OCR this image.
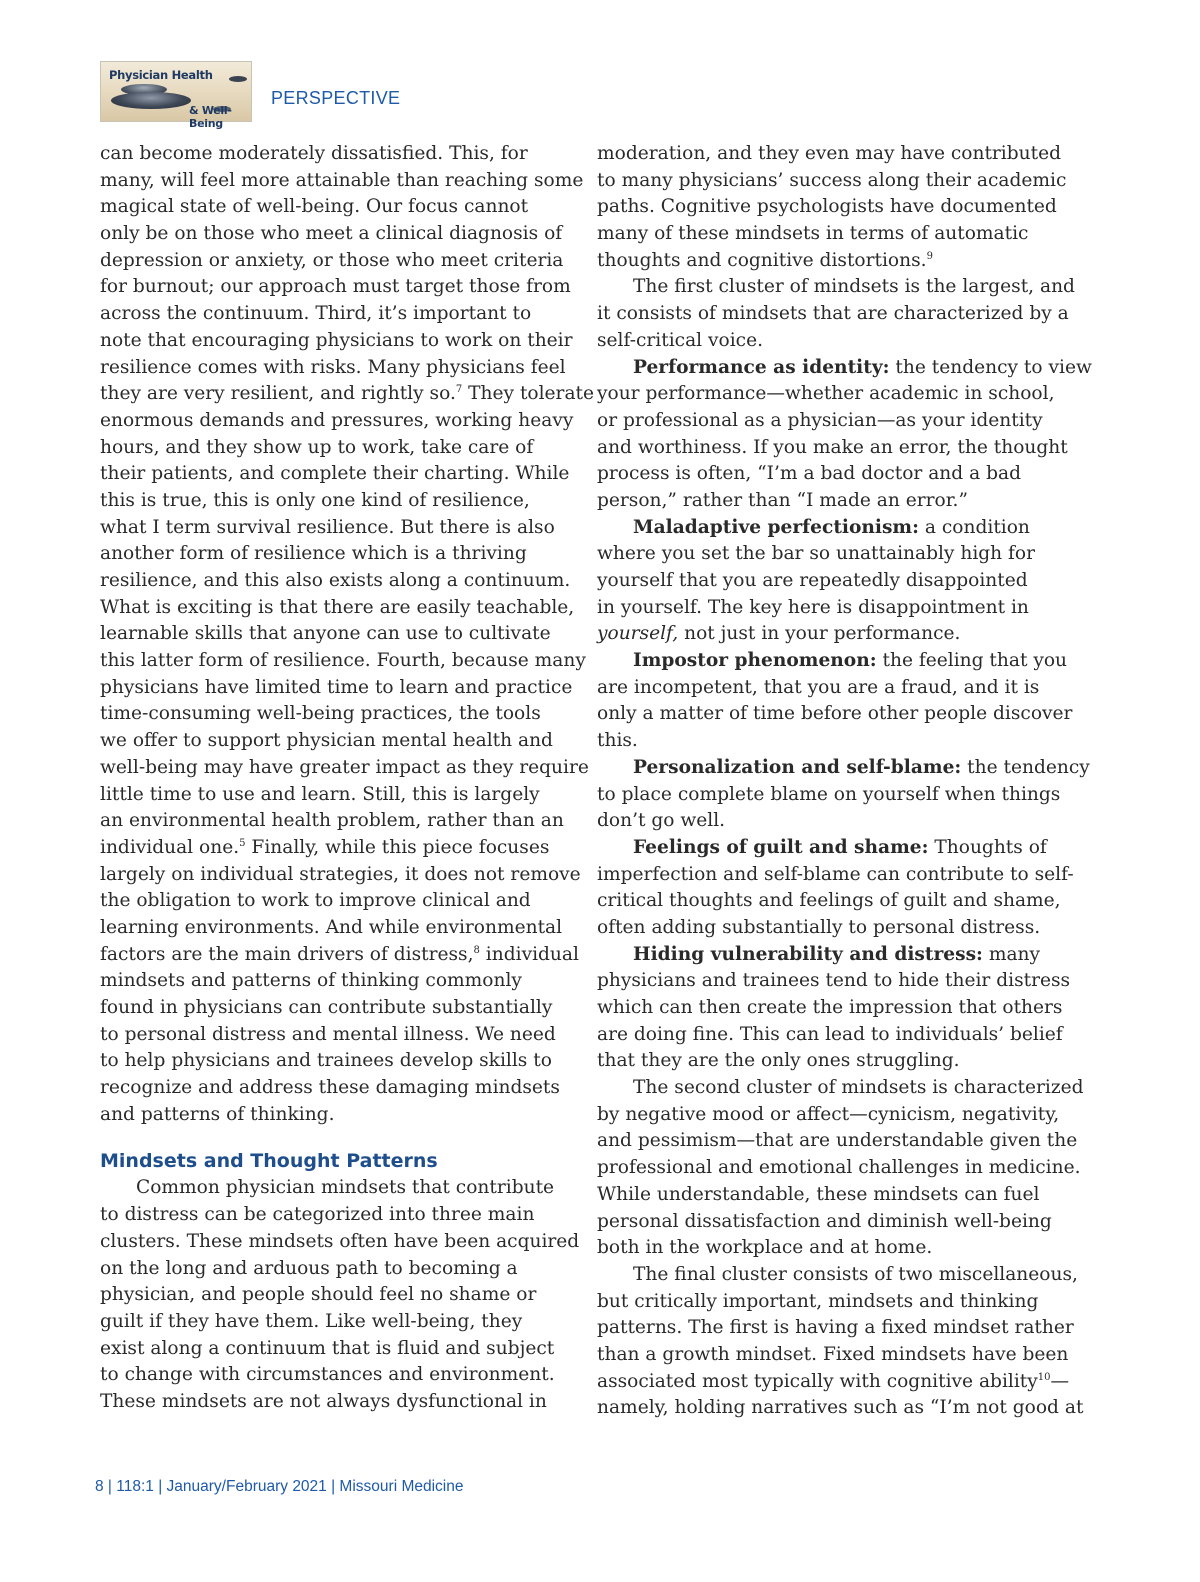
Physician Health
& Well-Being
PERSPECTIVE
can become moderately dissatisfied. This, for
many, will feel more attainable than reaching some
magical state of well-being. Our focus cannot
only be on those who meet a clinical diagnosis of
depression or anxiety, or those who meet criteria
for burnout; our approach must target those from
across the continuum. Third, it’s important to
note that encouraging physicians to work on their
resilience comes with risks. Many physicians feel
they are very resilient, and rightly so.$^7$ They tolerate
enormous demands and pressures, working heavy
hours, and they show up to work, take care of
their patients, and complete their charting. While
this is true, this is only one kind of resilience,
what I term survival resilience. But there is also
another form of resilience which is a thriving
resilience, and this also exists along a continuum.
What is exciting is that there are easily teachable,
learnable skills that anyone can use to cultivate
this latter form of resilience. Fourth, because many
physicians have limited time to learn and practice
time-consuming well-being practices, the tools
we offer to support physician mental health and
well-being may have greater impact as they require
little time to use and learn. Still, this is largely
an environmental health problem, rather than an
individual one.$^5$ Finally, while this piece focuses
largely on individual strategies, it does not remove
the obligation to work to improve clinical and
learning environments. And while environmental
factors are the main drivers of distress,$^8$ individual
mindsets and patterns of thinking commonly
found in physicians can contribute substantially
to personal distress and mental illness. We need
to help physicians and trainees develop skills to
recognize and address these damaging mindsets
and patterns of thinking.
Mindsets and Thought Patterns
Common physician mindsets that contribute
to distress can be categorized into three main
clusters. These mindsets often have been acquired
on the long and arduous path to becoming a
physician, and people should feel no shame or
guilt if they have them. Like well-being, they
exist along a continuum that is fluid and subject
to change with circumstances and environment.
These mindsets are not always dysfunctional in
moderation, and they even may have contributed
to many physicians’ success along their academic
paths. Cognitive psychologists have documented
many of these mindsets in terms of automatic
thoughts and cognitive distortions.$^9$
The first cluster of mindsets is the largest, and
it consists of mindsets that are characterized by a
self-critical voice.
Performance as identity: the tendency to view
your performance—whether academic in school,
or professional as a physician—as your identity
and worthiness. If you make an error, the thought
process is often, “I’m a bad doctor and a bad
person,” rather than “I made an error.”
Maladaptive perfectionism: a condition
where you set the bar so unattainably high for
yourself that you are repeatedly disappointed
in yourself. The key here is disappointment in
yourself, not just in your performance.
Impostor phenomenon: the feeling that you
are incompetent, that you are a fraud, and it is
only a matter of time before other people discover
this.
Personalization and self-blame: the tendency
to place complete blame on yourself when things
don’t go well.
Feelings of guilt and shame: Thoughts of
imperfection and self-blame can contribute to self-
critical thoughts and feelings of guilt and shame,
often adding substantially to personal distress.
Hiding vulnerability and distress: many
physicians and trainees tend to hide their distress
which can then create the impression that others
are doing fine. This can lead to individuals’ belief
that they are the only ones struggling.
The second cluster of mindsets is characterized
by negative mood or affect—cynicism, negativity,
and pessimism—that are understandable given the
professional and emotional challenges in medicine.
While understandable, these mindsets can fuel
personal dissatisfaction and diminish well-being
both in the workplace and at home.
The final cluster consists of two miscellaneous,
but critically important, mindsets and thinking
patterns. The first is having a fixed mindset rather
than a growth mindset. Fixed mindsets have been
associated most typically with cognitive ability$^{10}$—
namely, holding narratives such as “I’m not good at
8 | 118:1 | January/February 2021 | Missouri Medicine
